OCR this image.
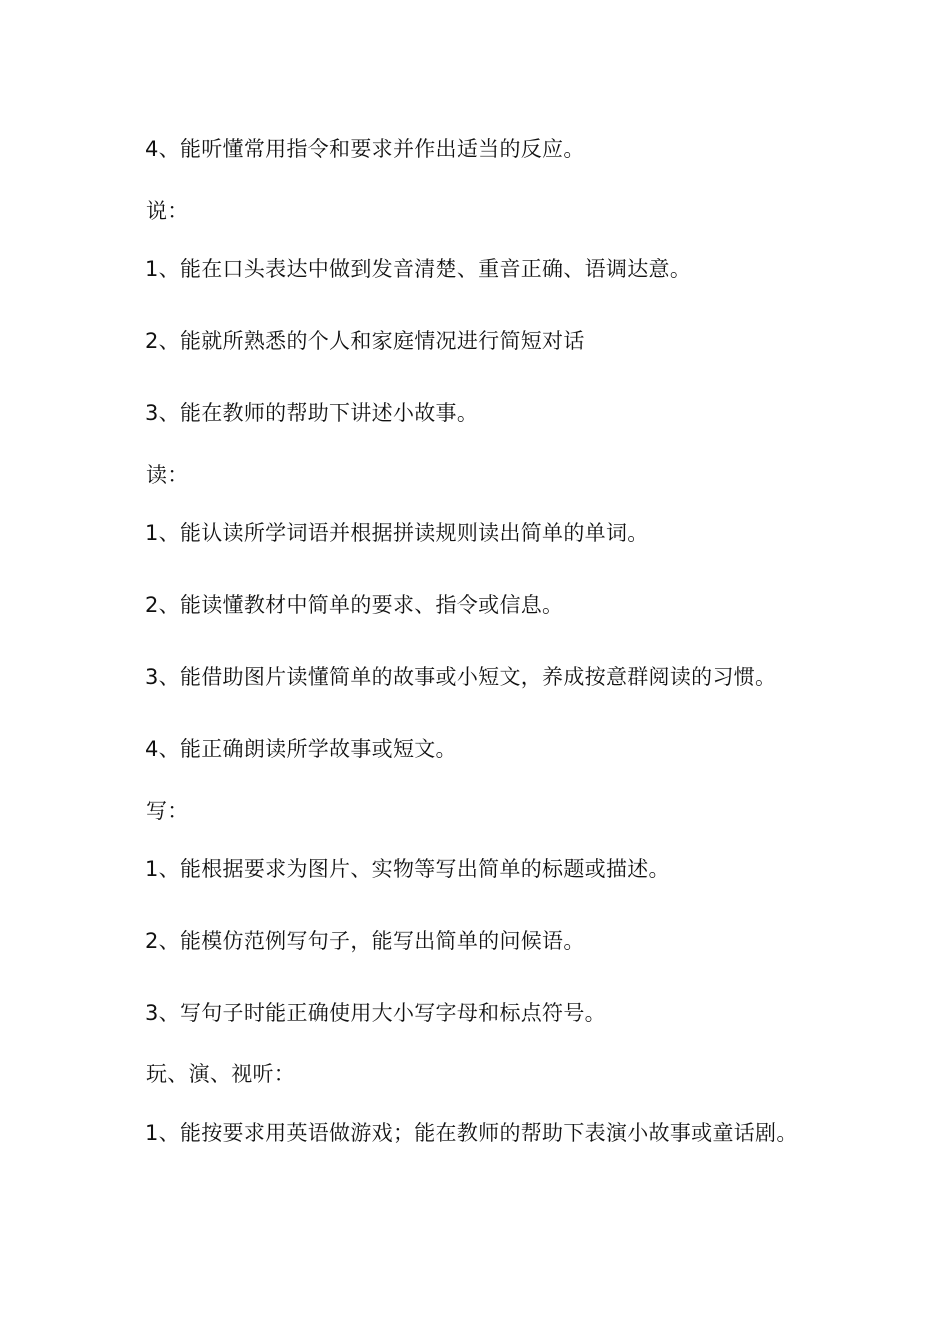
4、能听懂常用指令和要求并作出适当的反应。
说：
1、能在口头表达中做到发音清楚、重音正确、语调达意。
2、能就所熟悉的个人和家庭情况进行简短对话
3、能在教师的帮助下讲述小故事。
读：
1、能认读所学词语并根据拼读规则读出简单的单词。
2、能读懂教材中简单的要求、指令或信息。
3、能借助图片读懂简单的故事或小短文，养成按意群阅读的习惯。
4、能正确朗读所学故事或短文。
写：
1、能根据要求为图片、实物等写出简单的标题或描述。
2、能模仿范例写句子，能写出简单的问候语。
3、写句子时能正确使用大小写字母和标点符号。
玩、演、视听：
1、能按要求用英语做游戏；能在教师的帮助下表演小故事或童话剧。
